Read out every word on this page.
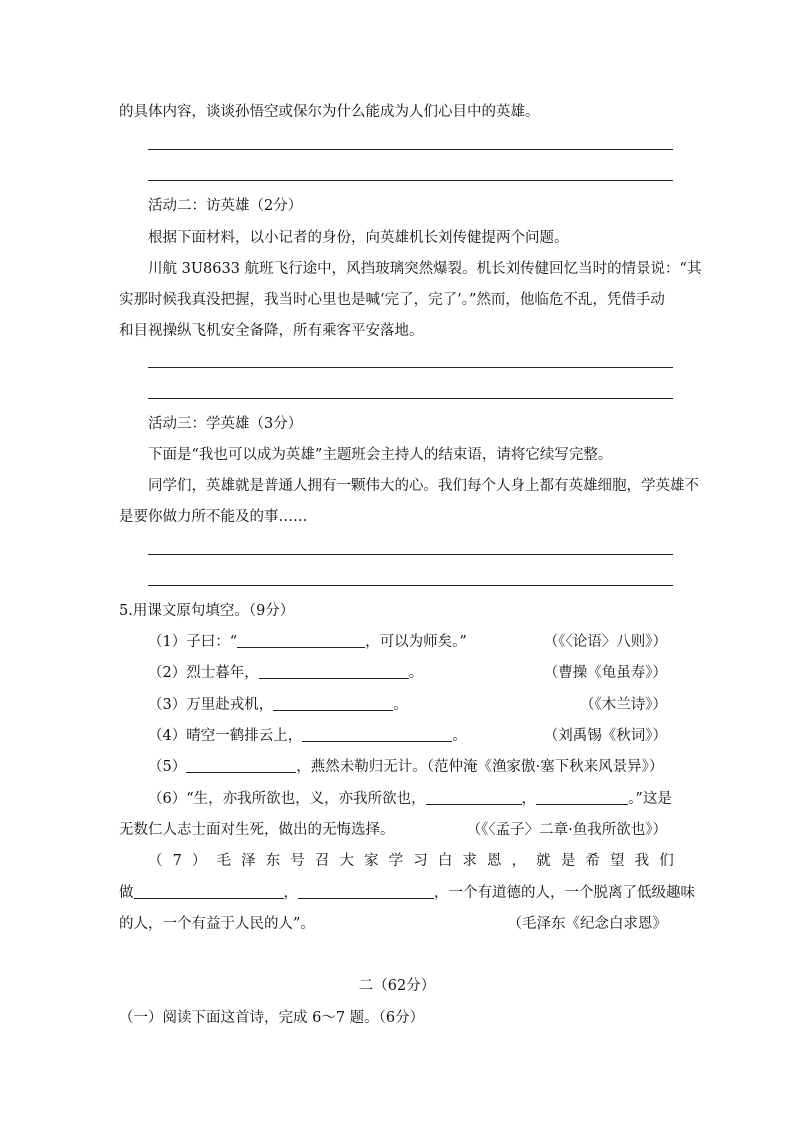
的具体内容，谈谈孙悟空或保尔为什么能成为人们心目中的英雄。
活动二：访英雄（2分）
根据下面材料，以小记者的身份，向英雄机长刘传健提两个问题。
川航 3U8633 航班飞行途中，风挡玻璃突然爆裂。机长刘传健回忆当时的情景说：“其
实那时候我真没把握，我当时心里也是喊‘完了，完了’。”然而，他临危不乱，凭借手动
和目视操纵飞机安全备降，所有乘客平安落地。
活动三：学英雄（3分）
下面是“我也可以成为英雄”主题班会主持人的结束语，请将它续写完整。
同学们，英雄就是普通人拥有一颗伟大的心。我们每个人身上都有英雄细胞，学英雄不
是要你做力所不能及的事……
5.用课文原句填空。（9分）
（1）子曰：“	，可以为师矣。”	（《〈论语〉八则》）
（2）烈士暮年，	。	（曹操《龟虽寿》）
（3）万里赴戎机，	。	（《木兰诗》）
（4）晴空一鹤排云上，	。	（刘禹锡《秋词》）
（5）	，燕然未勒归无计。（范仲淹《渔家傲·塞下秋来风景异》）
（6）“生，亦我所欲也，义，亦我所欲也，	，	。”这是
无数仁人志士面对生死，做出的无悔选择。	（《〈孟子〉二章·鱼我所欲也》）
（ 7 ） 毛 泽 东 号 召 大 家 学 习 白 求 恩 ， 就 是 希 望 我 们
做	，	，一个有道德的人，一个脱离了低级趣味
的人，一个有益于人民的人”。	（毛泽东《纪念白求恩》
二（62分）
（一）阅读下面这首诗，完成 6～7 题。（6分）
